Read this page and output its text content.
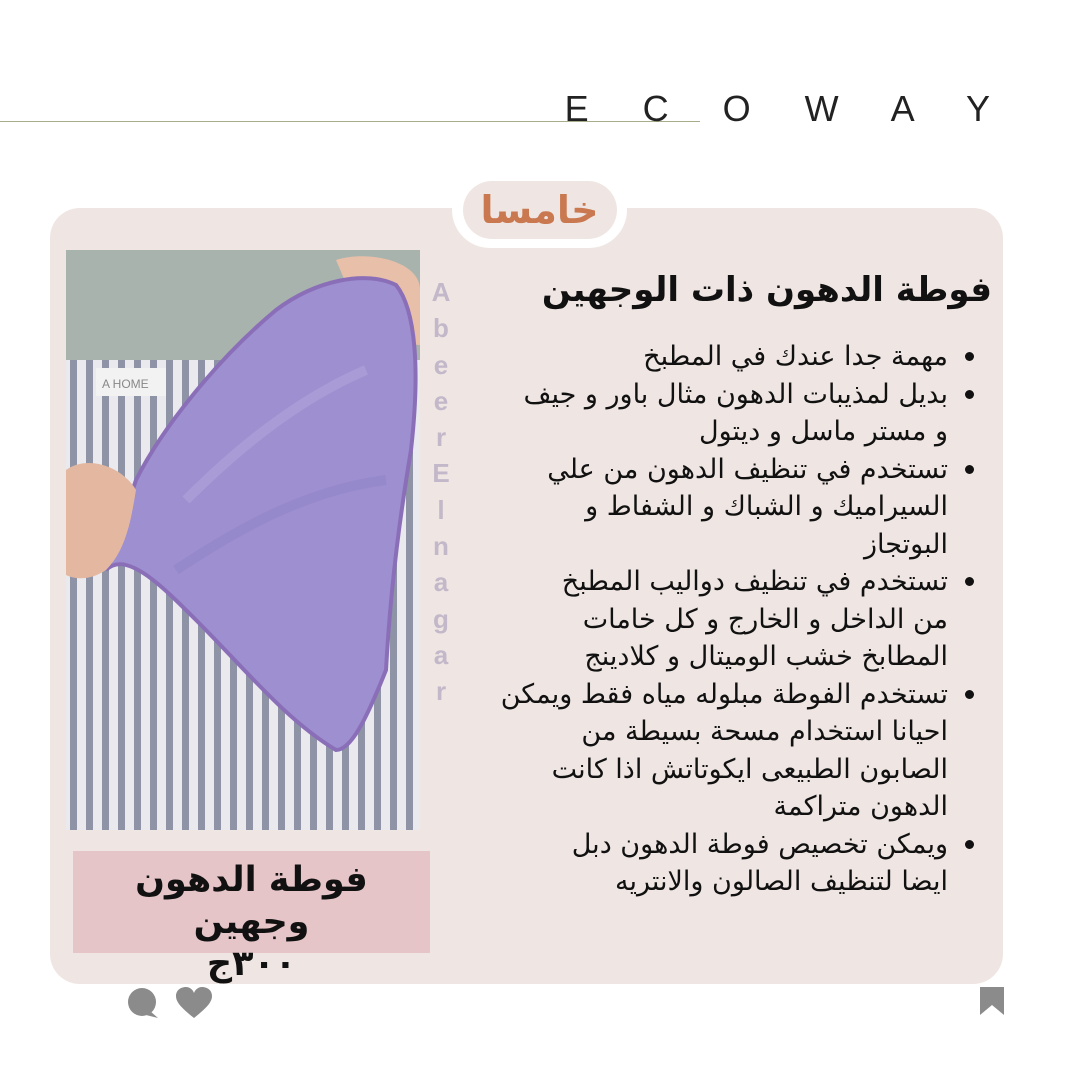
E C O W A Y
خامسا
A HOME
A
b
e
e
r
E
l
n
a
g
a
r
فوطة الدهون ذات الوجهين
مهمة جدا عندك في المطبخ
بديل لمذيبات الدهون مثال باور و جيف
و مستر ماسل و ديتول
تستخدم في تنظيف الدهون من علي
السيراميك و الشباك و الشفاط و
البوتجاز
تستخدم في تنظيف دواليب المطبخ
من الداخل و الخارج و كل خامات
المطابخ خشب الوميتال و كلادينج
تستخدم الفوطة مبلوله مياه فقط ويمكن
احيانا استخدام مسحة بسيطة من
الصابون الطبيعى ايكوتاتش اذا كانت
الدهون متراكمة
ويمكن تخصيص فوطة الدهون دبل
ايضا لتنظيف الصالون والانتريه
فوطة الدهون وجهين
٣٠٠ج
